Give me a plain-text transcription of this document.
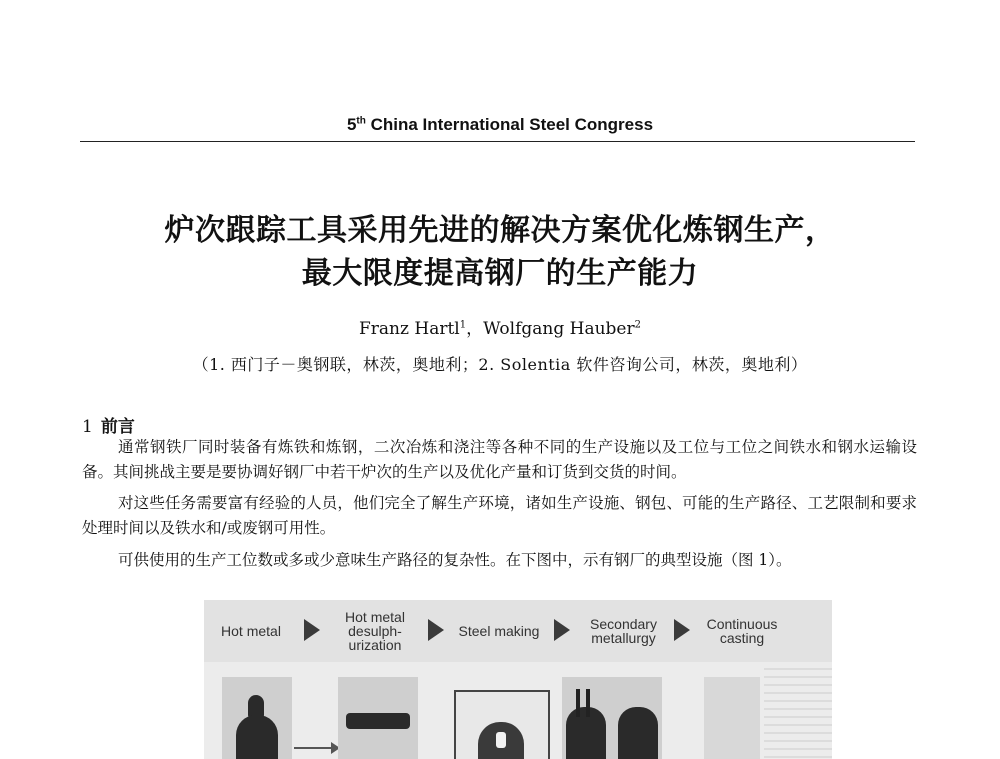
5th China International Steel Congress
炉次跟踪工具采用先进的解决方案优化炼钢生产，
最大限度提高钢厂的生产能力
Franz Hartl$^1$，Wolfgang Hauber$^2$
（1. 西门子－奥钢联，林茨，奥地利；2. Solentia 软件咨询公司，林茨，奥地利）
1 前言
通常钢铁厂同时装备有炼铁和炼钢，二次冶炼和浇注等各种不同的生产设施以及工位与工位之间铁水和钢水运输设备。其间挑战主要是要协调好钢厂中若干炉次的生产以及优化产量和订货到交货的时间。
对这些任务需要富有经验的人员，他们完全了解生产环境，诸如生产设施、钢包、可能的生产路径、工艺限制和要求处理时间以及铁水和/或废钢可用性。
可供使用的生产工位数或多或少意味生产路径的复杂性。在下图中，示有钢厂的典型设施（图 1）。
Hot metal
Hot metal desulph-urization
Steel making	Secondary metallurgy
Continuous casting
